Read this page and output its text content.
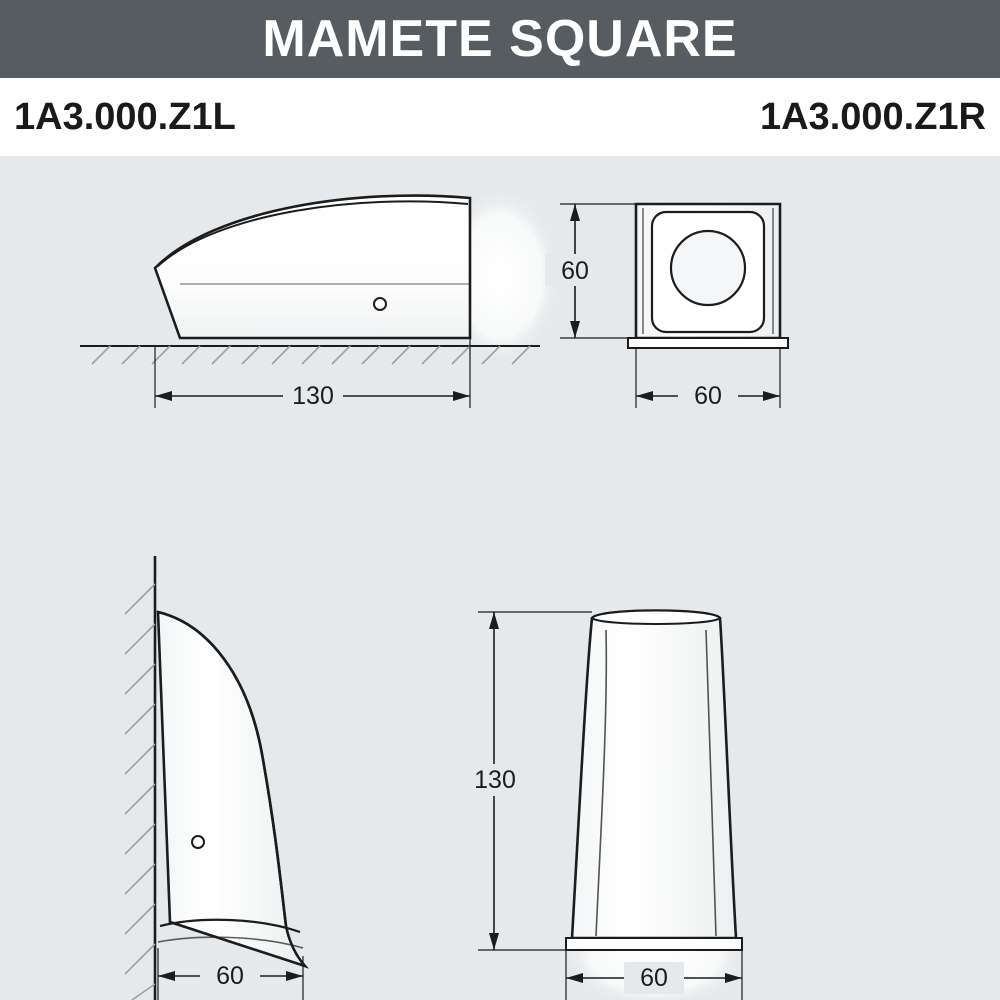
MAMETE SQUARE
1A3.000.Z1L	1A3.000.Z1R
130
60
60
60
130
60
